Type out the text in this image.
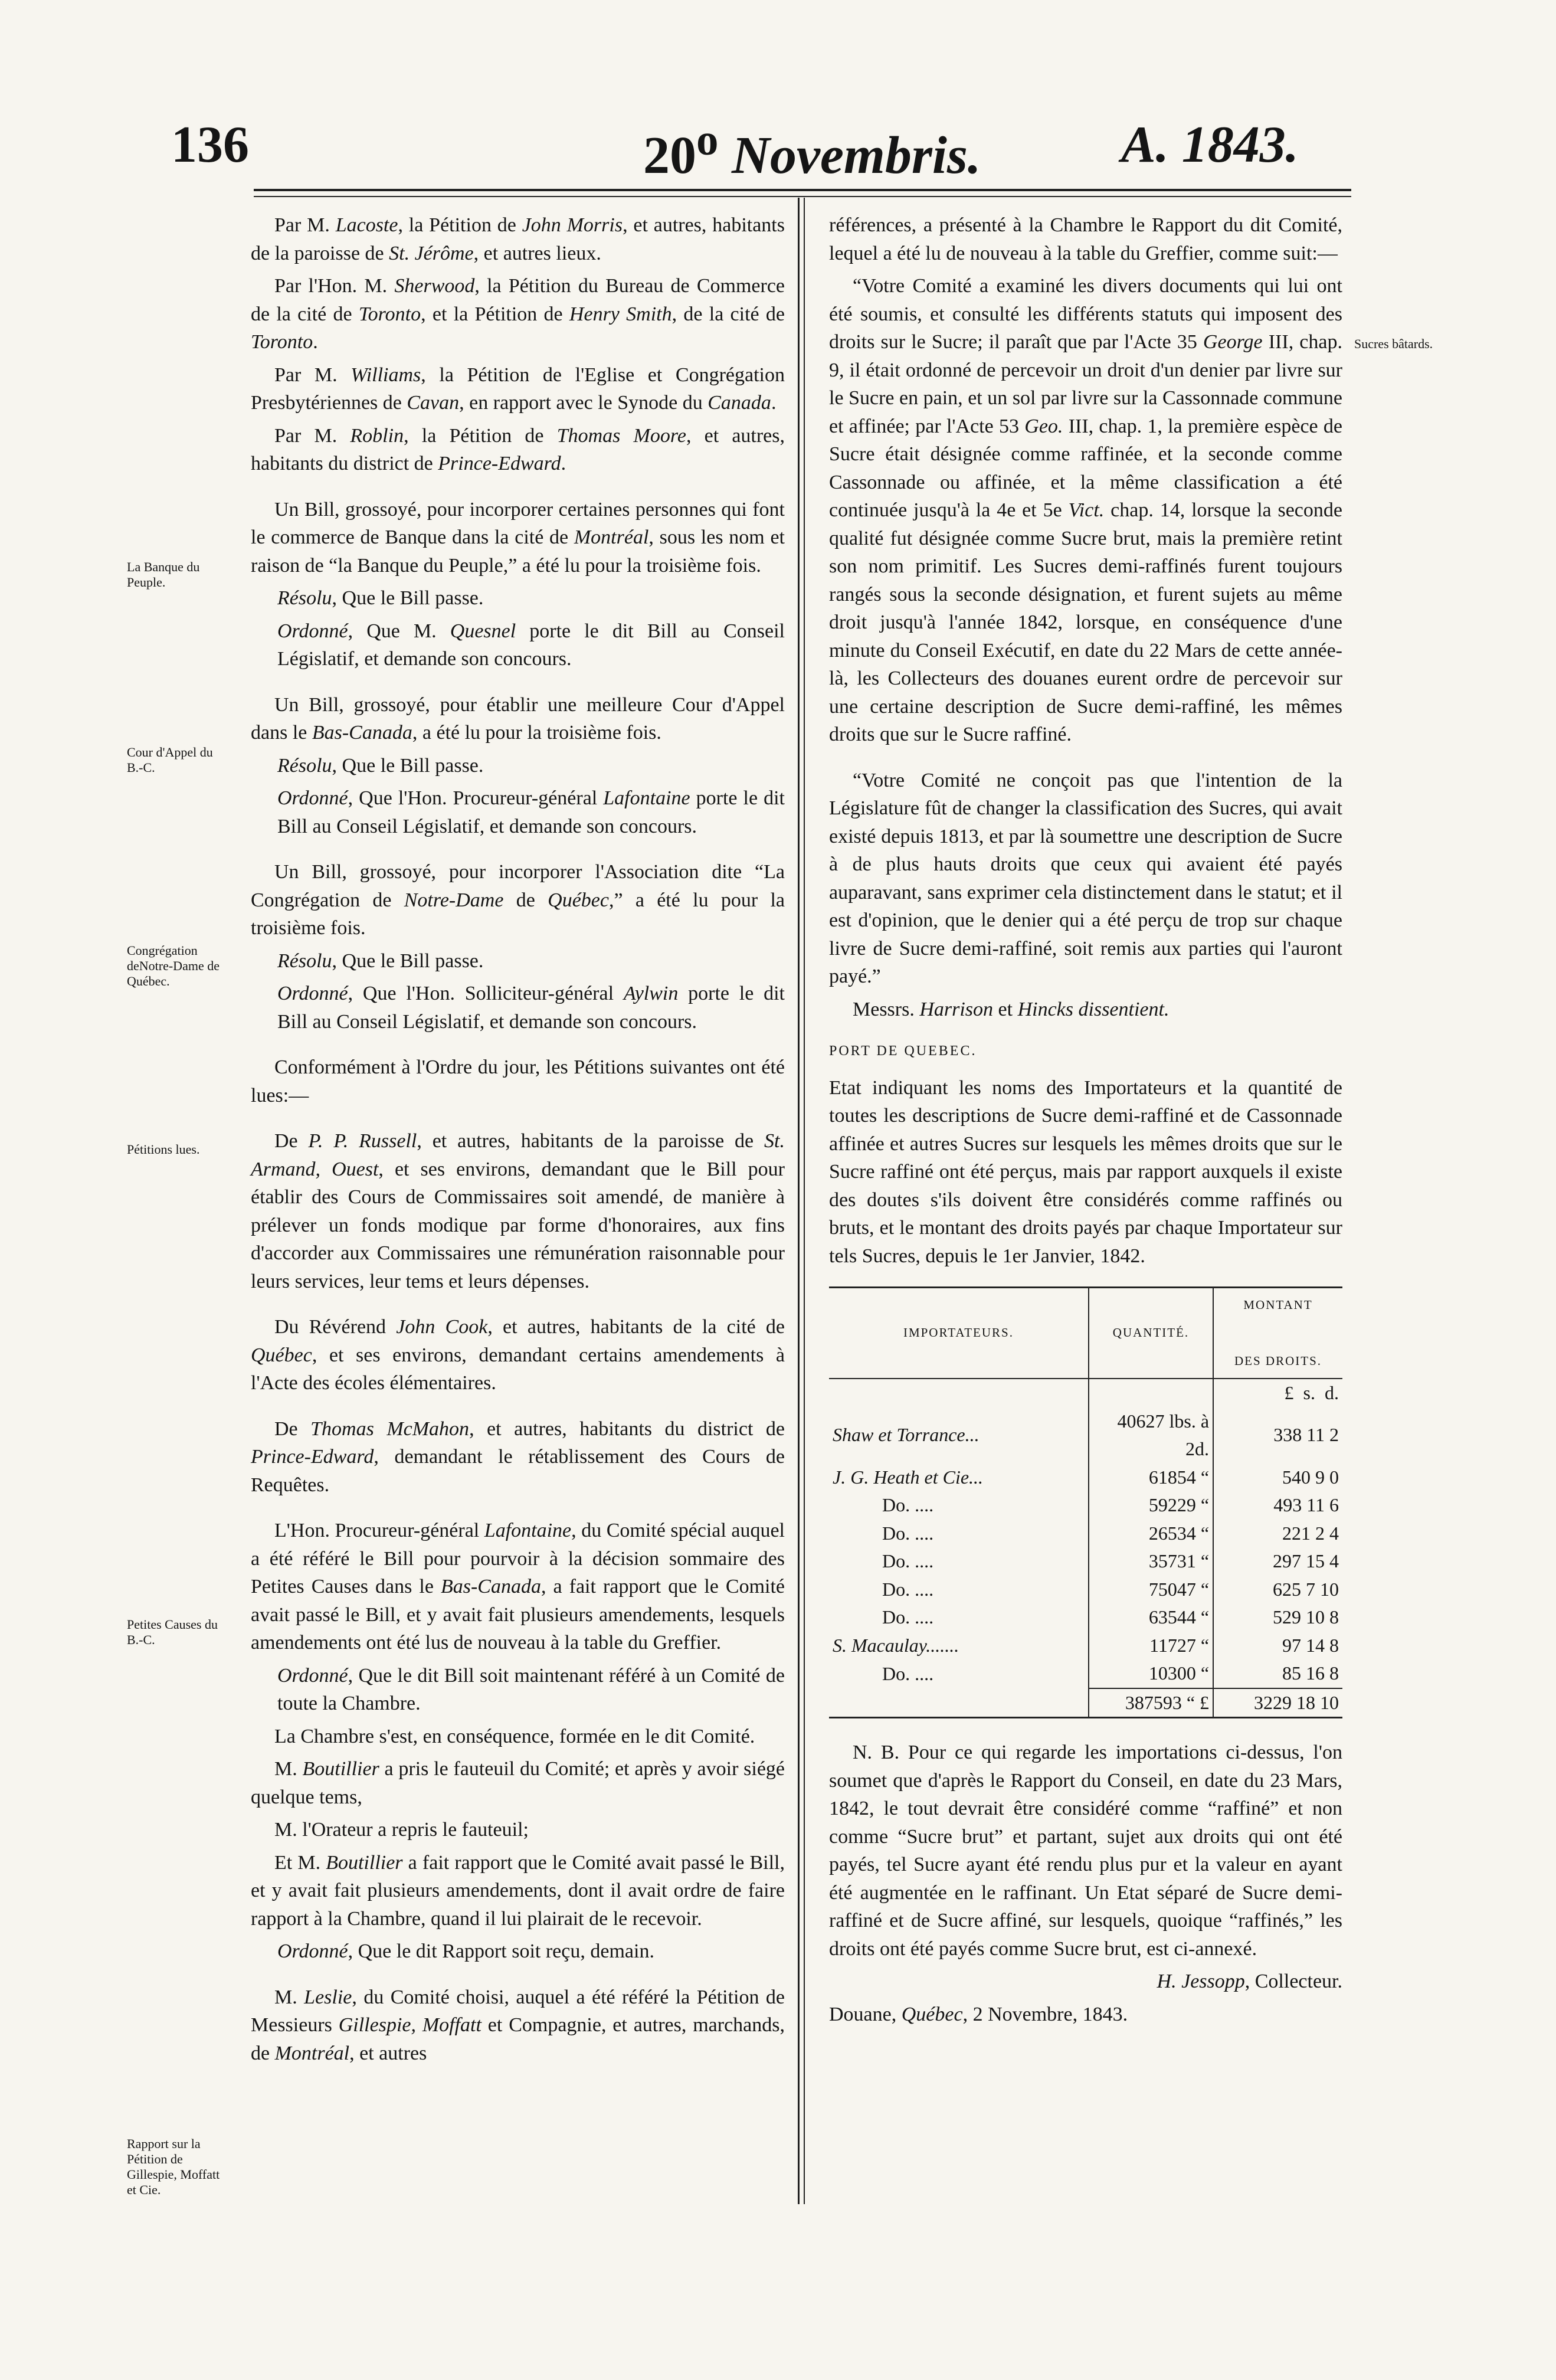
136	20$^o$ Novembris.	A. 1843.
La Banque du Peuple.
Cour d'Appel du B.-C.
Congrégation deNotre-Dame de Québec.
Pétitions lues.
Petites Causes du B.-C.
Rapport sur la Pétition de Gillespie, Moffatt et Cie.
Sucres bâtards.

Par M. Lacoste, la Pétition de John Morris, et autres, habitants de la paroisse de St. Jérôme, et autres lieux.

Par l'Hon. M. Sherwood, la Pétition du Bureau de Commerce de la cité de Toronto, et la Pétition de Henry Smith, de la cité de Toronto.

Par M. Williams, la Pétition de l'Eglise et Congrégation Presbytériennes de Cavan, en rapport avec le Synode du Canada.

Par M. Roblin, la Pétition de Thomas Moore, et autres, habitants du district de Prince-Edward.

Un Bill, grossoyé, pour incorporer certaines personnes qui font le commerce de Banque dans la cité de Montréal, sous les nom et raison de “la Banque du Peuple,” a été lu pour la troisième fois.

Résolu, Que le Bill passe.

Ordonné, Que M. Quesnel porte le dit Bill au Conseil Législatif, et demande son concours.

Un Bill, grossoyé, pour établir une meilleure Cour d'Appel dans le Bas-Canada, a été lu pour la troisième fois.

Résolu, Que le Bill passe.

Ordonné, Que l'Hon. Procureur-général Lafontaine porte le dit Bill au Conseil Législatif, et demande son concours.

Un Bill, grossoyé, pour incorporer l'Association dite “La Congrégation de Notre-Dame de Québec,” a été lu pour la troisième fois.

Résolu, Que le Bill passe.

Ordonné, Que l'Hon. Solliciteur-général Aylwin porte le dit Bill au Conseil Législatif, et demande son concours.

Conformément à l'Ordre du jour, les Pétitions suivantes ont été lues:—

De P. P. Russell, et autres, habitants de la paroisse de St. Armand, Ouest, et ses environs, demandant que le Bill pour établir des Cours de Commissaires soit amendé, de manière à prélever un fonds modique par forme d'honoraires, aux fins d'accorder aux Commissaires une rémunération raisonnable pour leurs services, leur tems et leurs dépenses.

Du Révérend John Cook, et autres, habitants de la cité de Québec, et ses environs, demandant certains amendements à l'Acte des écoles élémentaires.

De Thomas McMahon, et autres, habitants du district de Prince-Edward, demandant le rétablissement des Cours de Requêtes.

L'Hon. Procureur-général Lafontaine, du Comité spécial auquel a été référé le Bill pour pourvoir à la décision sommaire des Petites Causes dans le Bas-Canada, a fait rapport que le Comité avait passé le Bill, et y avait fait plusieurs amendements, lesquels amendements ont été lus de nouveau à la table du Greffier.

Ordonné, Que le dit Bill soit maintenant référé à un Comité de toute la Chambre.

La Chambre s'est, en conséquence, formée en le dit Comité.

M. Boutillier a pris le fauteuil du Comité; et après y avoir siégé quelque tems,

M. l'Orateur a repris le fauteuil;

Et M. Boutillier a fait rapport que le Comité avait passé le Bill, et y avait fait plusieurs amendements, dont il avait ordre de faire rapport à la Chambre, quand il lui plairait de le recevoir.

Ordonné, Que le dit Rapport soit reçu, demain.

M. Leslie, du Comité choisi, auquel a été référé la Pétition de Messieurs Gillespie, Moffatt et Compagnie, et autres, marchands, de Montréal, et autres

références, a présenté à la Chambre le Rapport du dit Comité, lequel a été lu de nouveau à la table du Greffier, comme suit:—

“Votre Comité a examiné les divers documents qui lui ont été soumis, et consulté les différents statuts qui imposent des droits sur le Sucre; il paraît que par l'Acte 35 George III, chap. 9, il était ordonné de percevoir un droit d'un denier par livre sur le Sucre en pain, et un sol par livre sur la Cassonnade commune et affinée; par l'Acte 53 Geo. III, chap. 1, la première espèce de Sucre était désignée comme raffinée, et la seconde comme Cassonnade ou affinée, et la même classification a été continuée jusqu'à la 4e et 5e Vict. chap. 14, lorsque la seconde qualité fut désignée comme Sucre brut, mais la première retint son nom primitif. Les Sucres demi-raffinés furent toujours rangés sous la seconde désignation, et furent sujets au même droit jusqu'à l'année 1842, lorsque, en conséquence d'une minute du Conseil Exécutif, en date du 22 Mars de cette année-là, les Collecteurs des douanes eurent ordre de percevoir sur une certaine description de Sucre demi-raffiné, les mêmes droits que sur le Sucre raffiné.

“Votre Comité ne conçoit pas que l'intention de la Législature fût de changer la classification des Sucres, qui avait existé depuis 1813, et par là soumettre une description de Sucre à de plus hauts droits que ceux qui avaient été payés auparavant, sans exprimer cela distinctement dans le statut; et il est d'opinion, que le denier qui a été perçu de trop sur chaque livre de Sucre demi-raffiné, soit remis aux parties qui l'auront payé.”

Messrs. Harrison et Hincks dissentient.

PORT DE QUEBEC.

Etat indiquant les noms des Importateurs et la quantité de toutes les descriptions de Sucre demi-raffiné et de Cassonnade affinée et autres Sucres sur lesquels les mêmes droits que sur le Sucre raffiné ont été perçus, mais par rapport auxquels il existe des doutes s'ils doivent être considérés comme raffinés ou bruts, et le montant des droits payés par chaque Importateur sur tels Sucres, depuis le 1er Janvier, 1842.

IMPORTATEURS.	QUANTITÉ.	MONTANT

DES DROITS.
		£ s. d.
Shaw et Torrance...	40627 lbs. à 2d.	338 11 2
J. G. Heath et Cie...	61854 “	540 9 0
Do. ....	59229 “	493 11 6
Do. ....	26534 “	221 2 4
Do. ....	35731 “	297 15 4
Do. ....	75047 “	625 7 10
Do. ....	63544 “	529 10 8
S. Macaulay.......	11727 “	97 14 8
Do. ....	10300 “	85 16 8
	387593 “ £	3229 18 10

N. B. Pour ce qui regarde les importations ci-dessus, l'on soumet que d'après le Rapport du Conseil, en date du 23 Mars, 1842, le tout devrait être considéré comme “raffiné” et non comme “Sucre brut” et partant, sujet aux droits qui ont été payés, tel Sucre ayant été rendu plus pur et la valeur en ayant été augmentée en le raffinant. Un Etat séparé de Sucre demi-raffiné et de Sucre affiné, sur lesquels, quoique “raffinés,” les droits ont été payés comme Sucre brut, est ci-annexé.

H. Jessopp, Collecteur.

Douane, Québec, 2 Novembre, 1843.
